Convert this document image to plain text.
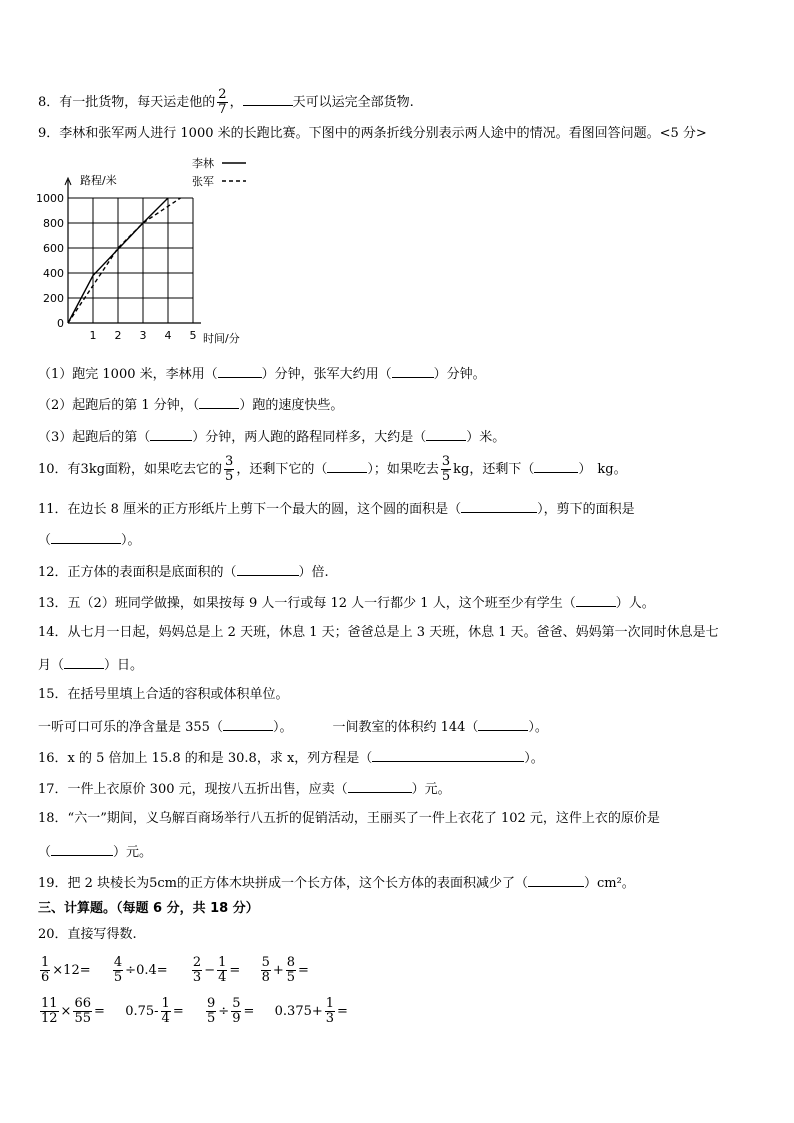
8．有一批货物，每天运走他的 $\frac{2}{7}$ ，	天可以运完全部货物.
9．李林和张军两人进行 1000 米的长跑比赛。下图中的两条折线分别表示两人途中的情况。看图回答问题。<5 分>
0
200
400
600
800
1000
1 2 3 4 5
路程/米
时间/分
李林
张军
（1）跑完 1000 米，李林用（	）分钟，张军大约用（	）分钟。
（2）起跑后的第 1 分钟，（	）跑的速度快些。
（3）起跑后的第（	）分钟，两人跑的路程同样多，大约是（	）米。
10．有3kg面粉，如果吃去它的 $\frac{3}{5}$ ，还剩下它的（	）；如果吃去 $\frac{3}{5}$ kg，还剩下（	） kg。
11．在边长 8 厘米的正方形纸片上剪下一个最大的圆，这个圆的面积是（	），剪下的面积是
（	）。
12．正方体的表面积是底面积的（	）倍.
13．五（2）班同学做操，如果按每 9 人一行或每 12 人一行都少 1 人，这个班至少有学生（	）人。
14．从七月一日起，妈妈总是上 2 天班，休息 1 天；爸爸总是上 3 天班，休息 1 天。爸爸、妈妈第一次同时休息是七
月（	）日。
15．在括号里填上合适的容积或体积单位。
一听可口可乐的净含量是 355（	）。	一间教室的体积约 144（	）。
16．x 的 5 倍加上 15.8 的和是 30.8，求 x，列方程是（	）。
17．一件上衣原价 300 元，现按八五折出售，应卖（	）元。
18．“六一”期间，义乌解百商场举行八五折的促销活动，王丽买了一件上衣花了 102 元，这件上衣的原价是
（	）元。
19．把 2 块棱长为5cm的正方体木块拼成一个长方体，这个长方体的表面积减少了（	）cm²。
三、计算题。（每题 6 分，共 18 分）
20．直接写得数.
$\frac{1}{6} \times 12= \frac{4}{5} \div 0.4= \frac{2}{3} - \frac{1}{4} = \frac{5}{8} + \frac{8}{5}$ =
$\frac{11}{12} \times \frac{66}{55} = 0.75- \frac{1}{4} = \frac{9}{5} \div \frac{5}{9} = 0.375+ \frac{1}{3}$ =
